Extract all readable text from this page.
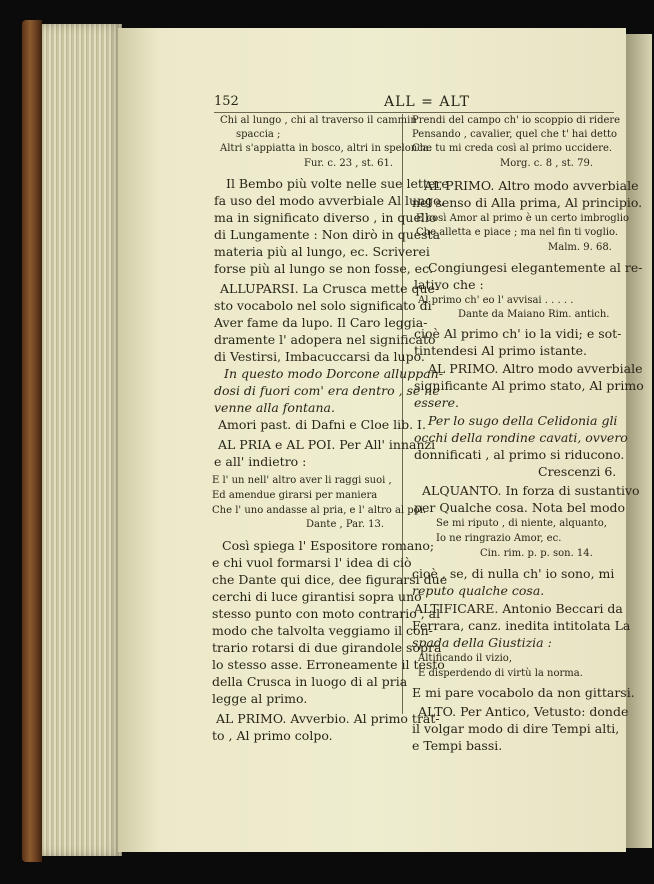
152	ALL = ALT
Chi al lungo , chi al traverso il cammin
spaccia ;
Altri s'appiatta in bosco, altri in spelonca.
Fur. c. 23 , st. 61.
Il Bembo più volte nelle sue lettere
fa uso del modo avverbiale Al lungo,
ma in significato diverso , in quello
di Lungamente : Non dirò in questa
materia più al lungo, ec. Scriverei
forse più al lungo se non fosse, ec.
ALLUPARSI. La Crusca mette que-
sto vocabolo nel solo significato di
Aver fame da lupo. Il Caro leggia-
dramente l' adopera nel significato
di Vestirsi, Imbacuccarsi da lupo.
In questo modo Dorcone alluppan-
dosi di fuori com' era dentro , se ne
venne alla fontana.
Amori past. di Dafni e Cloe lib. I.
AL PRIA e AL POI. Per All' innanzi
e all' indietro :
E l' un nell' altro aver li raggi suoi ,
Ed amendue girarsi per maniera
Che l' uno andasse al pria, e l' altro al poi.
Dante , Par. 13.
Così spiega l' Espositore romano;
e chi vuol formarsi l' idea di ciò
che Dante qui dice, dee figurarsi due
cerchi di luce girantisi sopra uno
stesso punto con moto contrario , al
modo che talvolta veggiamo il con-
trario rotarsi di due girandole sopra
lo stesso asse. Erroneamente il testo
della Crusca in luogo di al pria
legge al primo.
AL PRIMO. Avverbio. Al primo trat-
to , Al primo colpo.
Prendi del campo ch' io scoppio di ridere
Pensando , cavalier, quel che t' hai detto
Che tu mi creda così al primo uccidere.
Morg. c. 8 , st. 79.
AL PRIMO. Altro modo avverbiale
nel senso di Alla prima, Al principio.
E così Amor al primo è un certo imbroglio
Che alletta e piace ; ma nel fin ti voglio.
Malm. 9. 68.
Congiungesi elegantemente al re-
lativo che :
Al primo ch' eo l' avvisai . . . . .
Dante da Maiano Rim. antich.
cioè Al primo ch' io la vidi; e sot-
tintendesi Al primo istante.
AL PRIMO. Altro modo avverbiale
significante Al primo stato, Al primo
essere.
Per lo sugo della Celidonia gli
occhi della rondine cavati, ovvero
donnificati , al primo si riducono.
Crescenzi 6.
ALQUANTO. In forza di sustantivo
per Qualche cosa. Nota bel modo
Se mi riputo , di niente, alquanto,
Io ne ringrazio Amor, ec.
Cin. rim. p. p. son. 14.
cioè , se, di nulla ch' io sono, mi
reputo qualche cosa.
ALTIFICARE. Antonio Beccari da
Ferrara, canz. inedita intitolata La
spada della Giustizia :
Altificando il vizio,
E disperdendo di virtù la norma.
E mi pare vocabolo da non gittarsi.
ALTO. Per Antico, Vetusto: donde
il volgar modo di dire Tempi alti,
e Tempi bassi.
